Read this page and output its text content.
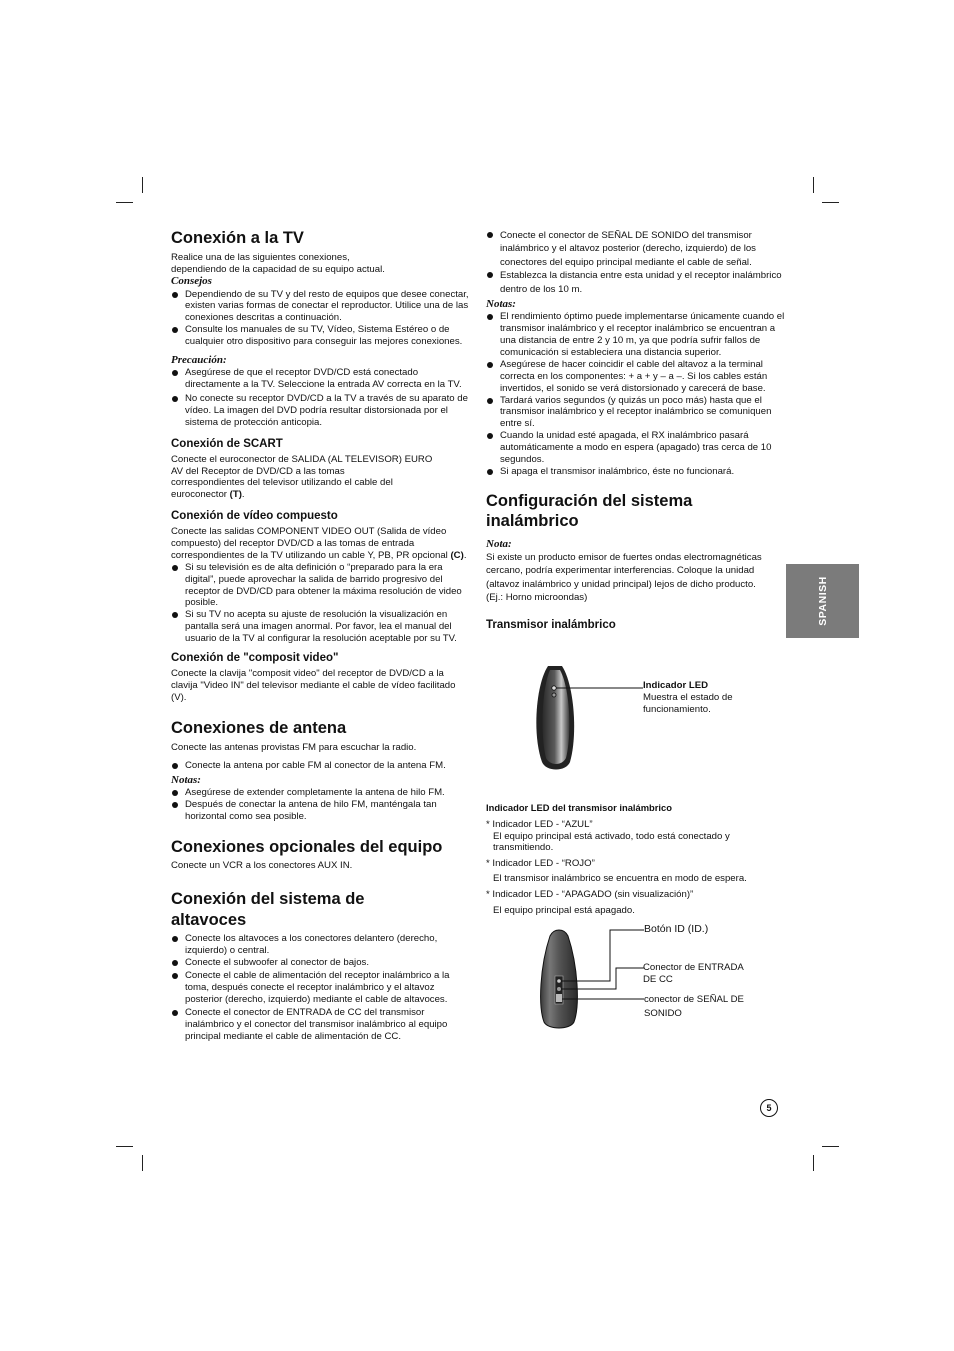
Conexión a la TV

Realice una de las siguientes conexiones,

dependiendo de la capacidad de su equipo actual.

Consejos

Dependiendo de su TV y del resto de equipos que desee conectar, existen varias formas de conectar el reproductor. Utilice una de las conexiones descritas a continuación.
Consulte los manuales de su TV, Vídeo, Sistema Estéreo o de cualquier otro dispositivo para conseguir las mejores conexiones.

Precaución:

Asegúrese de que el receptor DVD/CD está conectado directamente a la TV. Seleccione la entrada AV correcta en la TV.
No conecte su receptor DVD/CD a la TV a través de su aparato de vídeo. La imagen del DVD podría resultar distorsionada por el sistema de protección anticopia.
Conexión de SCART

Conecte el euroconector de SALIDA (AL TELEVISOR) EURO

AV del Receptor de DVD/CD a las tomas

correspondientes del televisor utilizando el cable del

euroconector (T).

Conexión de vídeo compuesto

Conecte las salidas COMPONENT VIDEO OUT (Salida de vídeo compuesto) del receptor DVD/CD a las tomas de entrada correspondientes de la TV utilizando un cable Y, PB, PR opcional (C).

Si su televisión es de alta definición o “preparado para la era digital”, puede aprovechar la salida de barrido progresivo del receptor de DVD/CD para obtener la máxima resolución de video posible.
Si su TV no acepta su ajuste de resolución la visualización en pantalla será una imagen anormal. Por favor, lea el manual del usuario de la TV al configurar la resolución aceptable por su TV.
Conexión de "composit video"

Conecte la clavija "composit video" del receptor de DVD/CD a la clavija "Video IN" del televisor mediante el cable de vídeo facilitado (V).

Conexiones de antena

Conecte las antenas provistas FM para escuchar la radio.

Conecte la antena por cable FM al conector de la antena FM.

Notas:

Asegúrese de extender completamente la antena de hilo FM.
Después de conectar la antena de hilo FM, manténgala tan horizontal como sea posible.
Conexiones opcionales del equipo

Conecte un VCR a los conectores AUX IN.

Conexión del sistema de altavoces
Conecte los altavoces a los conectores delantero (derecho, izquierdo) o central.
Conecte el subwoofer al conector de bajos.
Conecte el cable de alimentación del receptor inalámbrico a la toma, después conecte el receptor inalámbrico y el altavoz posterior (derecho, izquierdo) mediante el cable de altavoces.
Conecte el conector de ENTRADA de CC del transmisor inalámbrico y el conector del transmisor inalámbrico al equipo principal mediante el cable de alimentación de CC.
Conecte el conector de SEÑAL DE SONIDO del transmisor inalámbrico y el altavoz posterior (derecho, izquierdo) de los conectores del equipo principal mediante el cable de señal.
Establezca la distancia entre esta unidad y el receptor inalámbrico dentro de los 10 m.

Notas:

El rendimiento óptimo puede implementarse únicamente cuando el transmisor inalámbrico y el receptor inalámbrico se encuentran a una distancia de entre 2 y 10 m, ya que podría sufrir fallos de comunicación si estableciera una distancia superior.
Asegúrese de hacer coincidir el cable del altavoz a la terminal correcta en los componentes: + a + y – a –. Si los cables están invertidos, el sonido se verá distorsionado y carecerá de base.
Tardará varios segundos (y quizás un poco más) hasta que el transmisor inalámbrico y el receptor inalámbrico se comuniquen entre sí.
Cuando la unidad esté apagada, el RX inalámbrico pasará automáticamente a modo en espera (apagado) tras cerca de 10 segundos.
Si apaga el transmisor inalámbrico, éste no funcionará.
Configuración del sistema inalámbrico

Nota:

Si existe un producto emisor de fuertes ondas electromagnéticas cercano, podría experimentar interferencias. Coloque la unidad (altavoz inalámbrico y unidad principal) lejos de dicho producto.

(Ej.: Horno microondas)

Transmisor inalámbrico

Indicador LED

Muestra el estado de

funcionamiento.

Indicador LED del transmisor inalámbrico

* Indicador LED - “AZUL”

El equipo principal está activado, todo está conectado y transmitiendo.

* Indicador LED - “ROJO”

El transmisor inalámbrico se encuentra en modo de espera.

* Indicador LED - “APAGADO (sin visualización)”

El equipo principal está apagado.

Botón ID (ID.)

Conector de ENTRADA

DE CC

conector de SEÑAL DE

SONIDO

SPANISH
5
